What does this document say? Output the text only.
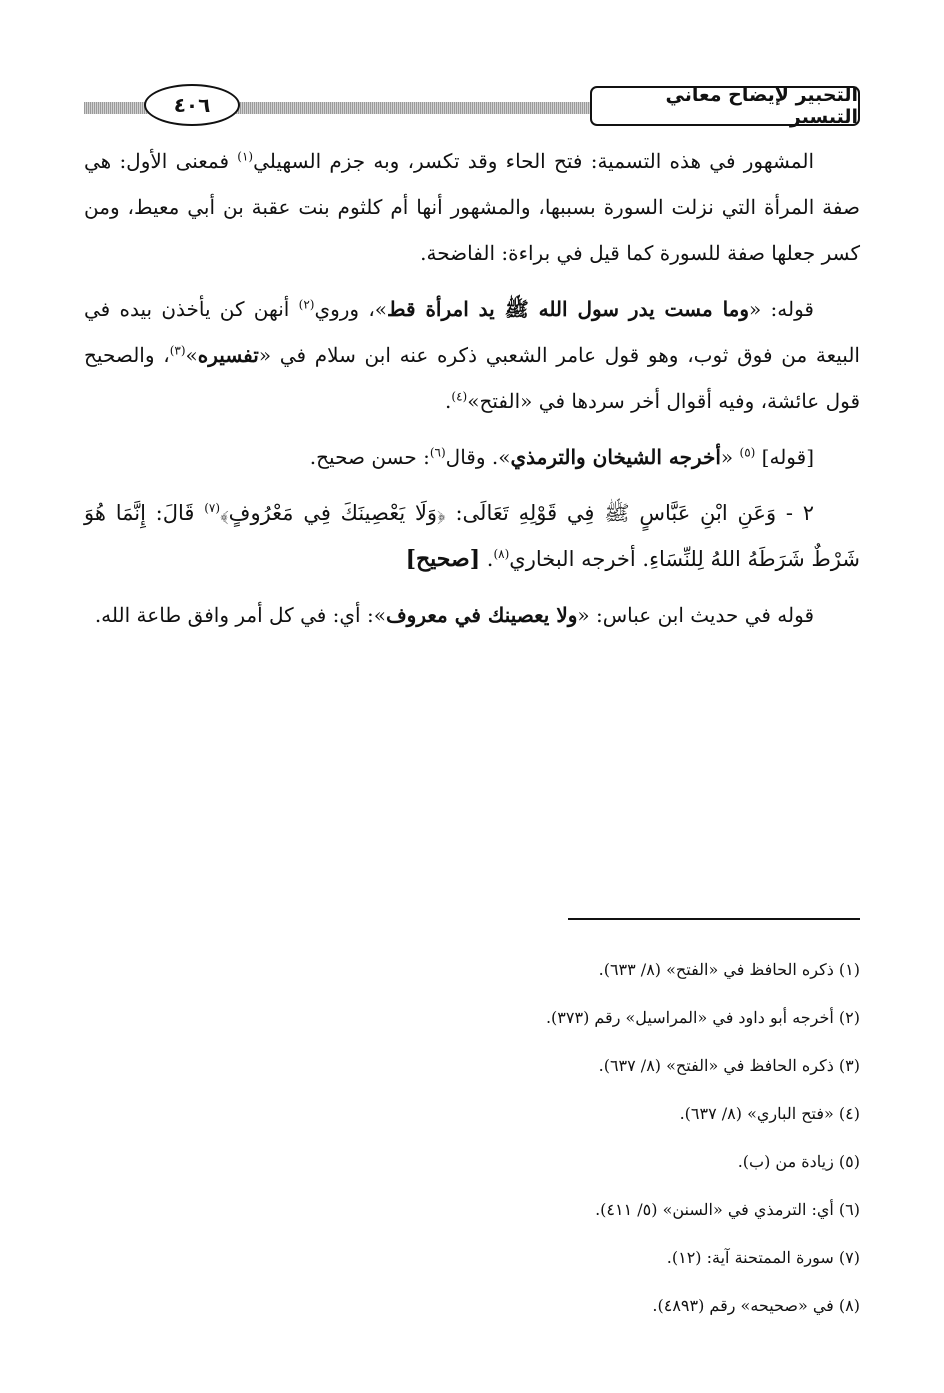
التحبير لإيضاح معاني التيسير
٤٠٦

المشهور في هذه التسمية: فتح الحاء وقد تكسر، وبه جزم السهيلي$^{(١)}$ فمعنى الأول: هي صفة المرأة التي نزلت السورة بسببها، والمشهور أنها أم كلثوم بنت عقبة بن أبي معيط، ومن كسر جعلها صفة للسورة كما قيل في براءة: الفاضحة.

قوله: «وما مست يدر سول الله ﷺ يد امرأة قط»، وروي$^{(٢)}$ أنهن كن يأخذن بيده في البيعة من فوق ثوب، وهو قول عامر الشعبي ذكره عنه ابن سلام في «تفسيره»$^{(٣)}$، والصحيح قول عائشة، وفيه أقوال أخر سردها في «الفتح»$^{(٤)}$.

[قوله] $^{(٥)}$ «أخرجه الشيخان والترمذي». وقال$^{(٦)}$: حسن صحيح.

٢ - وَعَنِ ابْنِ عَبَّاسٍ ﷺ فِي قَوْلِهِ تَعَالَى: ﴿وَلَا يَعْصِينَكَ فِي مَعْرُوفٍ﴾$^{(٧)}$ قَالَ: إِنَّمَا هُوَ شَرْطٌ شَرَطَهُ اللهُ لِلنِّسَاءِ. أخرجه البخاري$^{(٨)}$. [صحيح]

قوله في حديث ابن عباس: «ولا يعصينك في معروف»: أي: في كل أمر وافق طاعة الله.

(١) ذكره الحافظ في «الفتح» (٨/ ٦٣٣).
(٢) أخرجه أبو داود في «المراسيل» رقم (٣٧٣).
(٣) ذكره الحافظ في «الفتح» (٨/ ٦٣٧).
(٤) «فتح الباري» (٨/ ٦٣٧).
(٥) زيادة من (ب).
(٦) أي: الترمذي في «السنن» (٥/ ٤١١).
(٧) سورة الممتحنة آية: (١٢).
(٨) في «صحيحه» رقم (٤٨٩٣).
